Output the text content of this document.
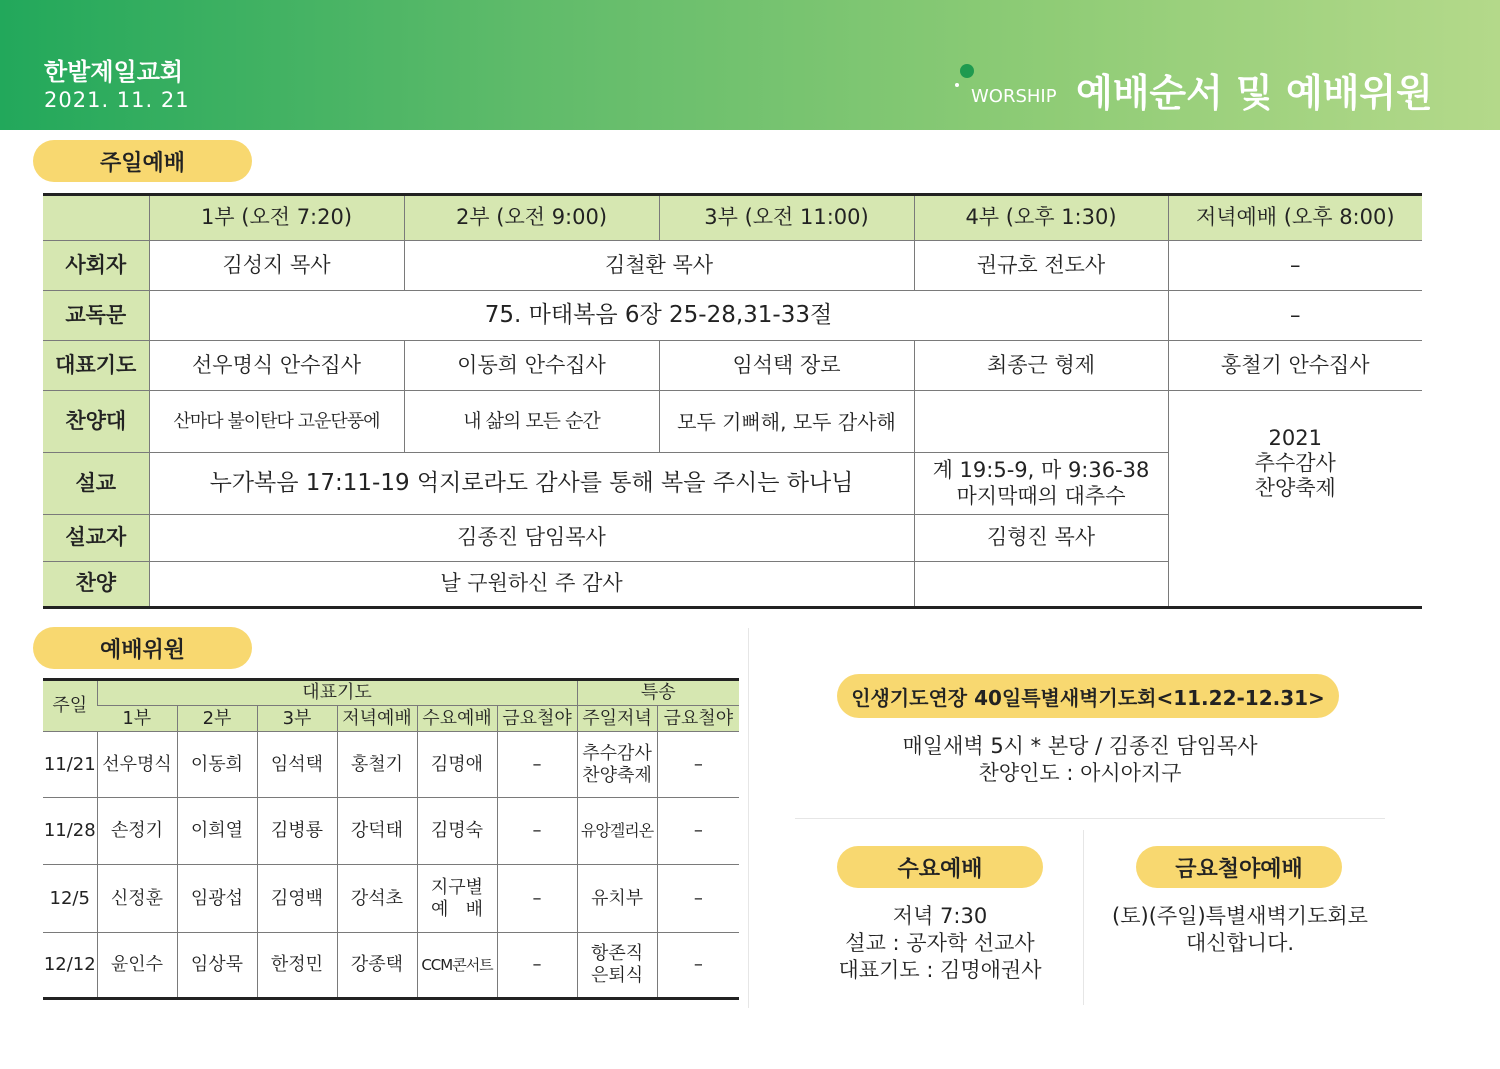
한밭제일교회
2021. 11. 21	WORSHIP 예배순서 및 예배위원
주일예배
	1부 (오전 7:20)	2부 (오전 9:00)	3부 (오전 11:00)	4부 (오후 1:30)	저녁예배 (오후 8:00)
사회자	김성지 목사	김철환 목사		권규호 전도사	–
교독문	75. 마태복음 6장 25-28,31-33절				–
대표기도	선우명식 안수집사	이동희 안수집사	임석택 장로	최종근 형제	홍철기 안수집사
찬양대	산마다 불이탄다 고운단풍에	내 삶의 모든 순간	모두 기뻐해, 모두 감사해		2021
추수감사
찬양축제

설교	누가복음 17:11-19 억지로라도 감사를 통해 복을 주시는 하나님			계 19:5-9, 마 9:36-38
마지막때의 대추수	

설교자	김종진 담임목사			김형진 목사	
찬양	날 구원하신 주 감사				
예배위원
주일	대표기도						특송	
	1부	2부	3부	저녁예배	수요예배	금요철야	주일저녁	금요철야
11/21	선우명식	이동희	임석택	홍철기	김명애	–	추수감사
찬양축제	–
11/28	손정기	이희열	김병룡	강덕태	김명숙	–	유앙겔리온	–
12/5	신정훈	임광섭	김영백	강석초	지구별
예   배	–	유치부	–
12/12	윤인수	임상묵	한정민	강종택	CCM콘서트	–	항존직
은퇴식	–
인생기도연장 40일특별새벽기도회<11.22-12.31>
매일새벽 5시 * 본당 / 김종진 담임목사
찬양인도 : 아시아지구
수요예배
저녁 7:30
설교 : 공자학 선교사
대표기도 : 김명애권사
금요철야예배
(토)(주일)특별새벽기도회로
대신합니다.
